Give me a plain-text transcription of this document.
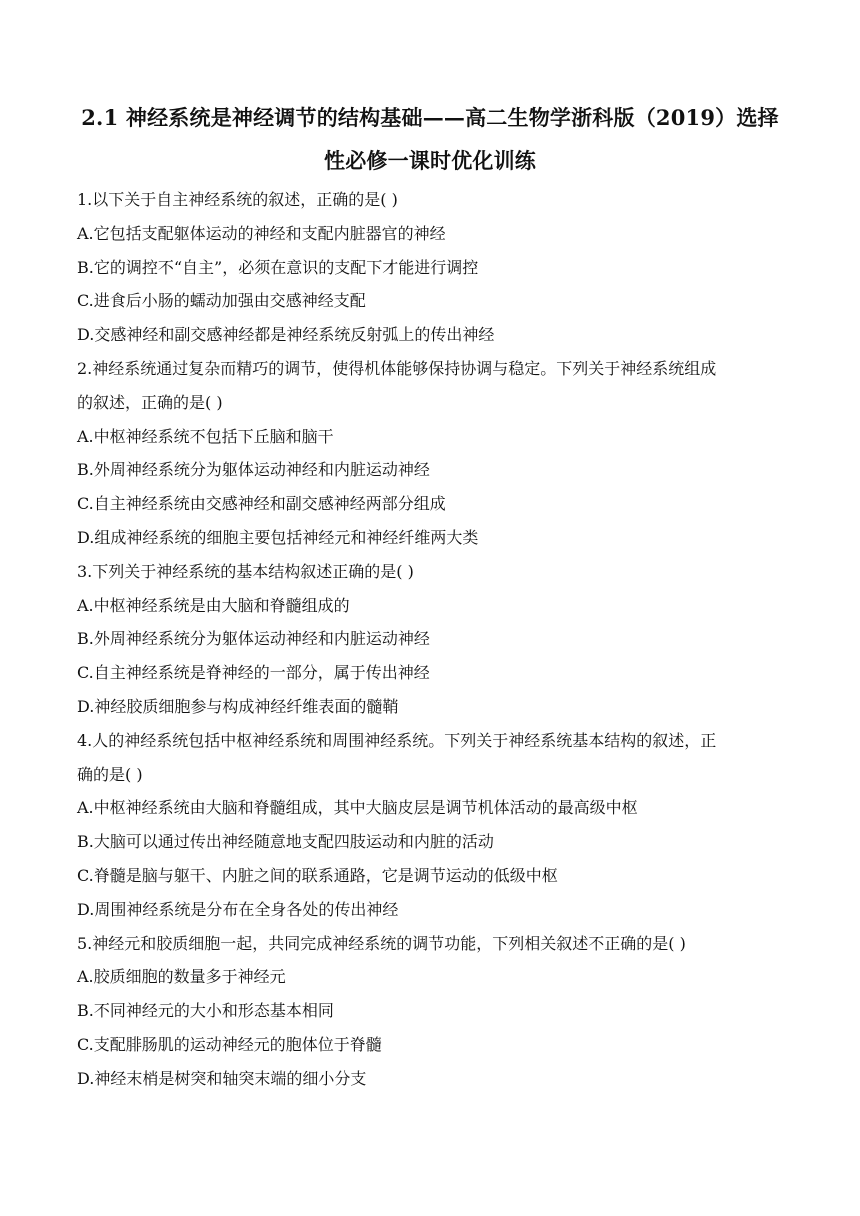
2.1 神经系统是神经调节的结构基础——高二生物学浙科版（2019）选择
性必修一课时优化训练
1.以下关于自主神经系统的叙述，正确的是( )
A.它包括支配躯体运动的神经和支配内脏器官的神经
B.它的调控不“自主”，必须在意识的支配下才能进行调控
C.进食后小肠的蠕动加强由交感神经支配
D.交感神经和副交感神经都是神经系统反射弧上的传出神经
2.神经系统通过复杂而精巧的调节，使得机体能够保持协调与稳定。下列关于神经系统组成
的叙述，正确的是( )
A.中枢神经系统不包括下丘脑和脑干
B.外周神经系统分为躯体运动神经和内脏运动神经
C.自主神经系统由交感神经和副交感神经两部分组成
D.组成神经系统的细胞主要包括神经元和神经纤维两大类
3.下列关于神经系统的基本结构叙述正确的是( )
A.中枢神经系统是由大脑和脊髓组成的
B.外周神经系统分为躯体运动神经和内脏运动神经
C.自主神经系统是脊神经的一部分，属于传出神经
D.神经胶质细胞参与构成神经纤维表面的髓鞘
4.人的神经系统包括中枢神经系统和周围神经系统。下列关于神经系统基本结构的叙述，正
确的是( )
A.中枢神经系统由大脑和脊髓组成，其中大脑皮层是调节机体活动的最高级中枢
B.大脑可以通过传出神经随意地支配四肢运动和内脏的活动
C.脊髓是脑与躯干、内脏之间的联系通路，它是调节运动的低级中枢
D.周围神经系统是分布在全身各处的传出神经
5.神经元和胶质细胞一起，共同完成神经系统的调节功能，下列相关叙述不正确的是( )
A.胶质细胞的数量多于神经元
B.不同神经元的大小和形态基本相同
C.支配腓肠肌的运动神经元的胞体位于脊髓
D.神经末梢是树突和轴突末端的细小分支
